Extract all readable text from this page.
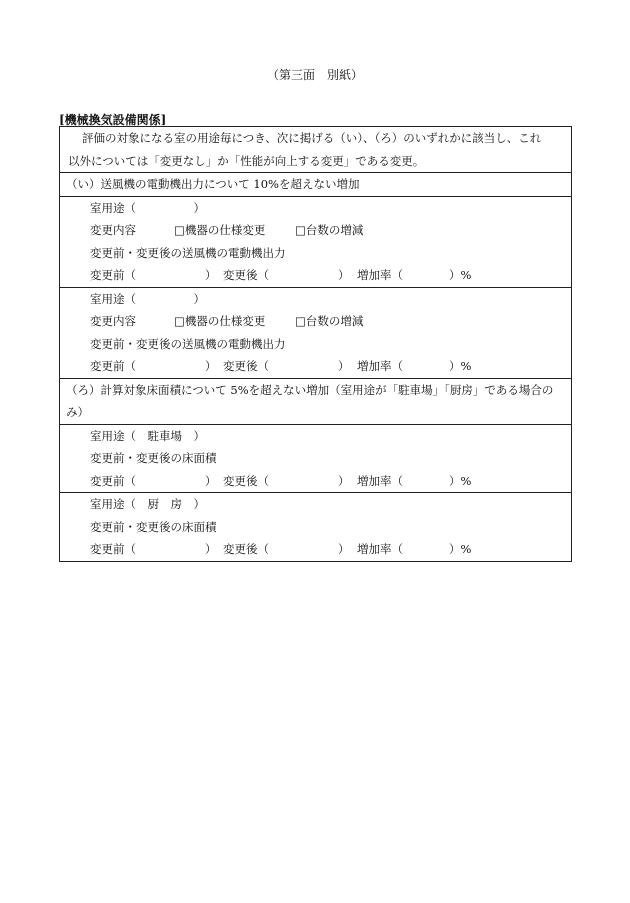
（第三面　別紙）
[機械換気設備関係]
評価の対象になる室の用途毎につき、次に掲げる（い）、（ろ）のいずれかに該当し、これ
以外については「変更なし」か「性能が向上する変更」である変更。
（い）送風機の電動機出力について 10%を超えない増加
室用途（　　　　　）
変更内容	□機器の仕様変更	□台数の増減
変更前・変更後の送風機の電動機出力
変更前（　　　　　　） 変更後（　　　　　　） 増加率（　　　　）%
室用途（　　　　　）
変更内容	□機器の仕様変更	□台数の増減
変更前・変更後の送風機の電動機出力
変更前（　　　　　　） 変更後（　　　　　　） 増加率（　　　　）%
（ろ）計算対象床面積について 5%を超えない増加（室用途が「駐車場」「厨房」である場合のみ）
室用途（　駐車場　）
変更前・変更後の床面積
変更前（　　　　　　） 変更後（　　　　　　） 増加率（　　　　）%
室用途（　厨　房　）
変更前・変更後の床面積
変更前（　　　　　　） 変更後（　　　　　　） 増加率（　　　　）%
